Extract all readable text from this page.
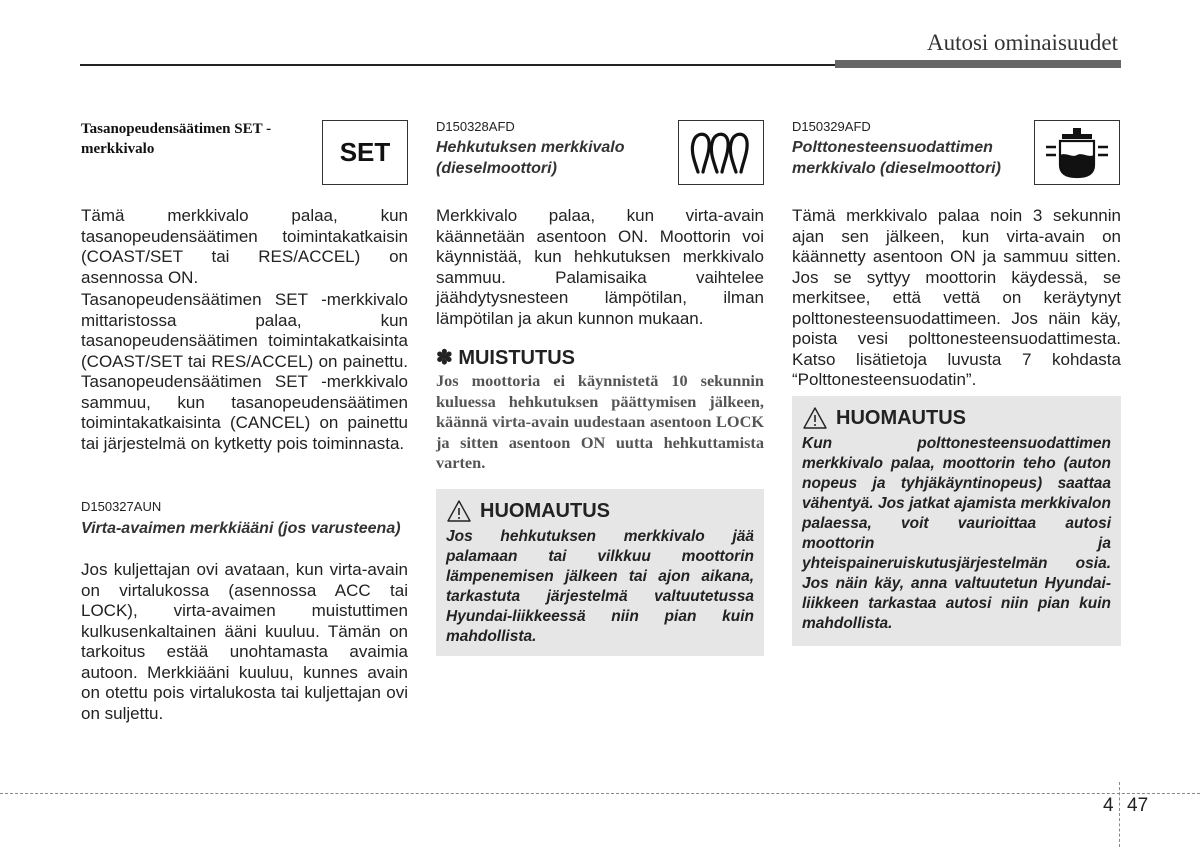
Autosi ominaisuudet
Tasanopeudensäätimen SET -merkkivalo	SET

Tämä merkkivalo palaa, kun tasanopeudensäätimen toimintakatkaisin (COAST/SET tai RES/ACCEL) on asennossa ON.

Tasanopeudensäätimen SET -merkkivalo mittaristossa palaa, kun tasanopeudensäätimen toimintakatkaisinta (COAST/SET tai RES/ACCEL) on painettu. Tasanopeudensäätimen SET -merkkivalo sammuu, kun tasanopeudensäätimen toimintakatkaisinta (CANCEL) on painettu tai järjestelmä on kytketty pois toiminnasta.

D150327AUN
Virta-avaimen merkkiääni (jos varusteena)

Jos kuljettajan ovi avataan, kun virta-avain on virtalukossa (asennossa ACC tai LOCK), virta-avaimen muistuttimen kulkusenkaltainen ääni kuuluu. Tämän on tarkoitus estää unohtamasta avaimia autoon. Merkkiääni kuuluu, kunnes avain on otettu pois virtalukosta tai kuljettajan ovi on suljettu.

D150328AFD
Hehkutuksen merkkivalo (dieselmoottori)

Merkkivalo palaa, kun virta-avain käännetään asentoon ON. Moottorin voi käynnistää, kun hehkutuksen merkkivalo sammuu. Palamisaika vaihtelee jäähdytysnesteen lämpötilan, ilman lämpötilan ja akun kunnon mukaan.

✽ MUISTUTUS

Jos moottoria ei käynnistetä 10 sekunnin kuluessa hehkutuksen päättymisen jälkeen, käännä virta-avain uudestaan asentoon LOCK ja sitten asentoon ON uutta hehkuttamista varten.

HUOMAUTUS

Jos hehkutuksen merkkivalo jää palamaan tai vilkkuu moottorin lämpenemisen jälkeen tai ajon aikana, tarkastuta järjestelmä valtuutetussa Hyundai-liikkeessä niin pian kuin mahdollista.

D150329AFD
Polttonesteensuodattimen merkkivalo (dieselmoottori)

Tämä merkkivalo palaa noin 3 sekunnin ajan sen jälkeen, kun virta-avain on käännetty asentoon ON ja sammuu sitten. Jos se syttyy moottorin käydessä, se merkitsee, että vettä on keräytynyt polttonesteensuodattimeen. Jos näin käy, poista vesi polttonesteensuodattimesta. Katso lisätietoja luvusta 7 kohdasta “Polttonesteensuodatin”.

HUOMAUTUS

Kun polttonesteensuodattimen merkkivalo palaa, moottorin teho (auton nopeus ja tyhjäkäyntinopeus) saattaa vähentyä. Jos jatkat ajamista merkkivalon palaessa, voit vaurioittaa autosi moottorin ja yhteispaineruiskutusjärjestelmän osia. Jos näin käy, anna valtuutetun Hyundai-liikkeen tarkastaa autosi niin pian kuin mahdollista.

4 47
